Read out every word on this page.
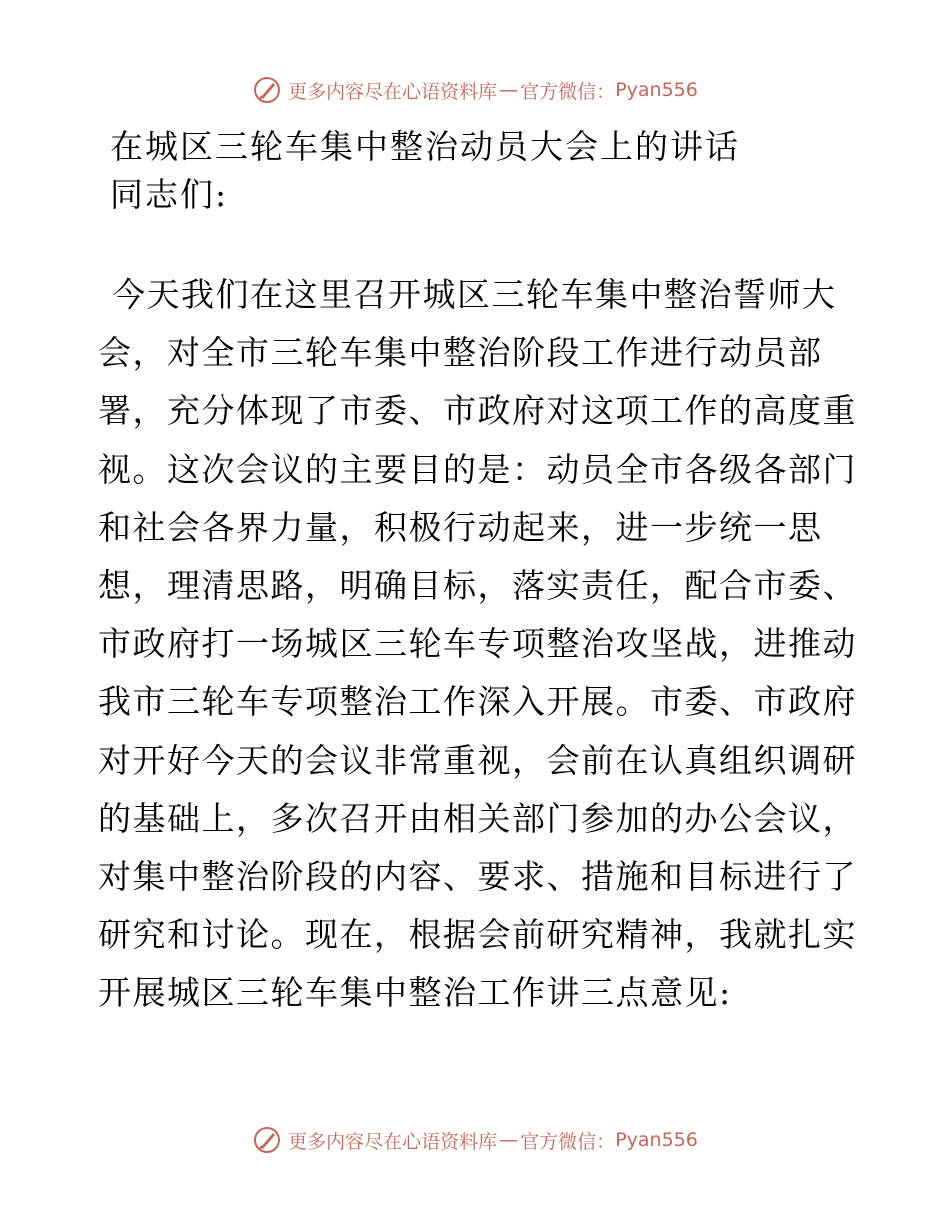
更多内容尽在心语资料库 — 官方微信： Pyan556
在城区三轮车集中整治动员大会上的讲话
同志们:
今天我们在这里召开城区三轮车集中整治誓师大
会，对全市三轮车集中整治阶段工作进行动员部
署，充分体现了市委、市政府对这项工作的高度重
视。这次会议的主要目的是：动员全市各级各部门
和社会各界力量，积极行动起来，进一步统一思
想，理清思路，明确目标，落实责任，配合市委、
市政府打一场城区三轮车专项整治攻坚战，进推动
我市三轮车专项整治工作深入开展。市委、市政府
对开好今天的会议非常重视，会前在认真组织调研
的基础上，多次召开由相关部门参加的办公会议，
对集中整治阶段的内容、要求、措施和目标进行了
研究和讨论。现在，根据会前研究精神，我就扎实
开展城区三轮车集中整治工作讲三点意见:
更多内容尽在心语资料库 — 官方微信： Pyan556
